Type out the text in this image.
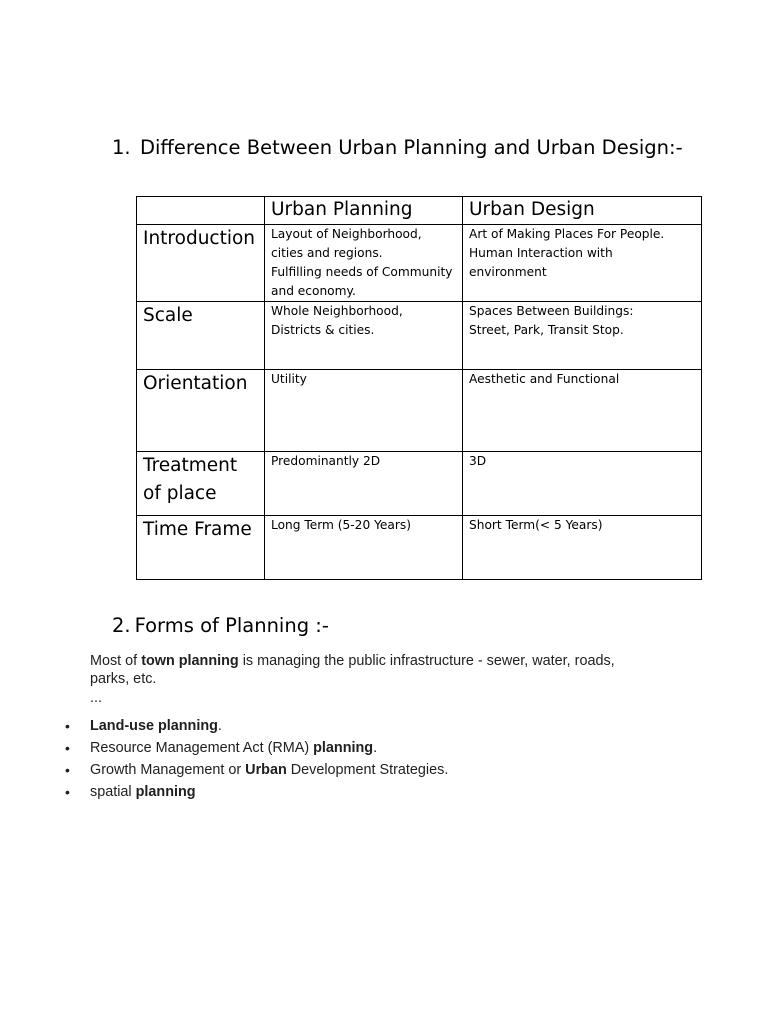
1. Difference Between Urban Planning and Urban Design:-
	Urban Planning	Urban Design

Introduction	Layout of Neighborhood,
cities and regions.
Fulfilling needs of Community
and economy.	Art of Making Places For People.
Human Interaction with
environment

Scale	Whole Neighborhood,
Districts & cities.	Spaces Between Buildings:
Street, Park, Transit Stop.

Orientation	Utility	Aesthetic and Functional

Treatment
of place	Predominantly 2D	3D

Time Frame	Long Term (5-20 Years)	Short Term(< 5 Years)
2. Forms of Planning :-
Most of town planning is managing the public infrastructure - sewer, water, roads,
parks, etc.
...
• Land-use planning.
• Resource Management Act (RMA) planning.
• Growth Management or Urban Development Strategies.
• spatial planning
